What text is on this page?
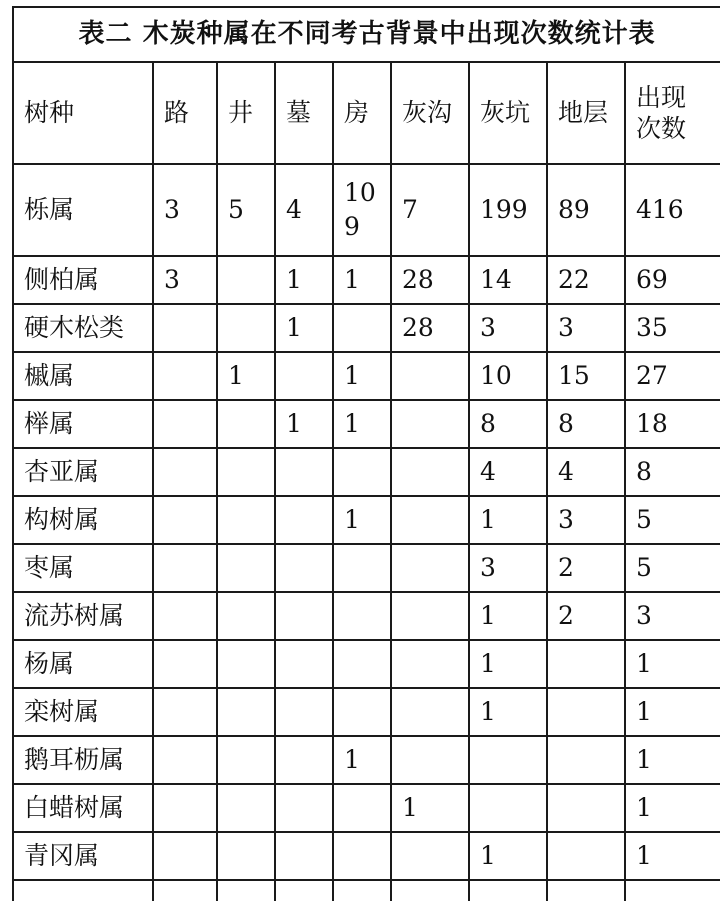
表二 木炭种属在不同考古背景中出现次数统计表								
树种	路	井	墓	房	灰沟	灰坑	地层	出现
次数

栎属	3	5	4	109	7	199	89	416
侧柏属	3		1	1	28	14	22	69
硬木松类			1		28	3	3	35
槭属		1		1		10	15	27
榉属			1	1		8	8	18
杏亚属						4	4	8
构树属				1		1	3	5
枣属						3	2	5
流苏树属						1	2	3
杨属						1		1
栾树属						1		1
鹅耳枥属				1				1
白蜡树属					1			1
青冈属						1		1
